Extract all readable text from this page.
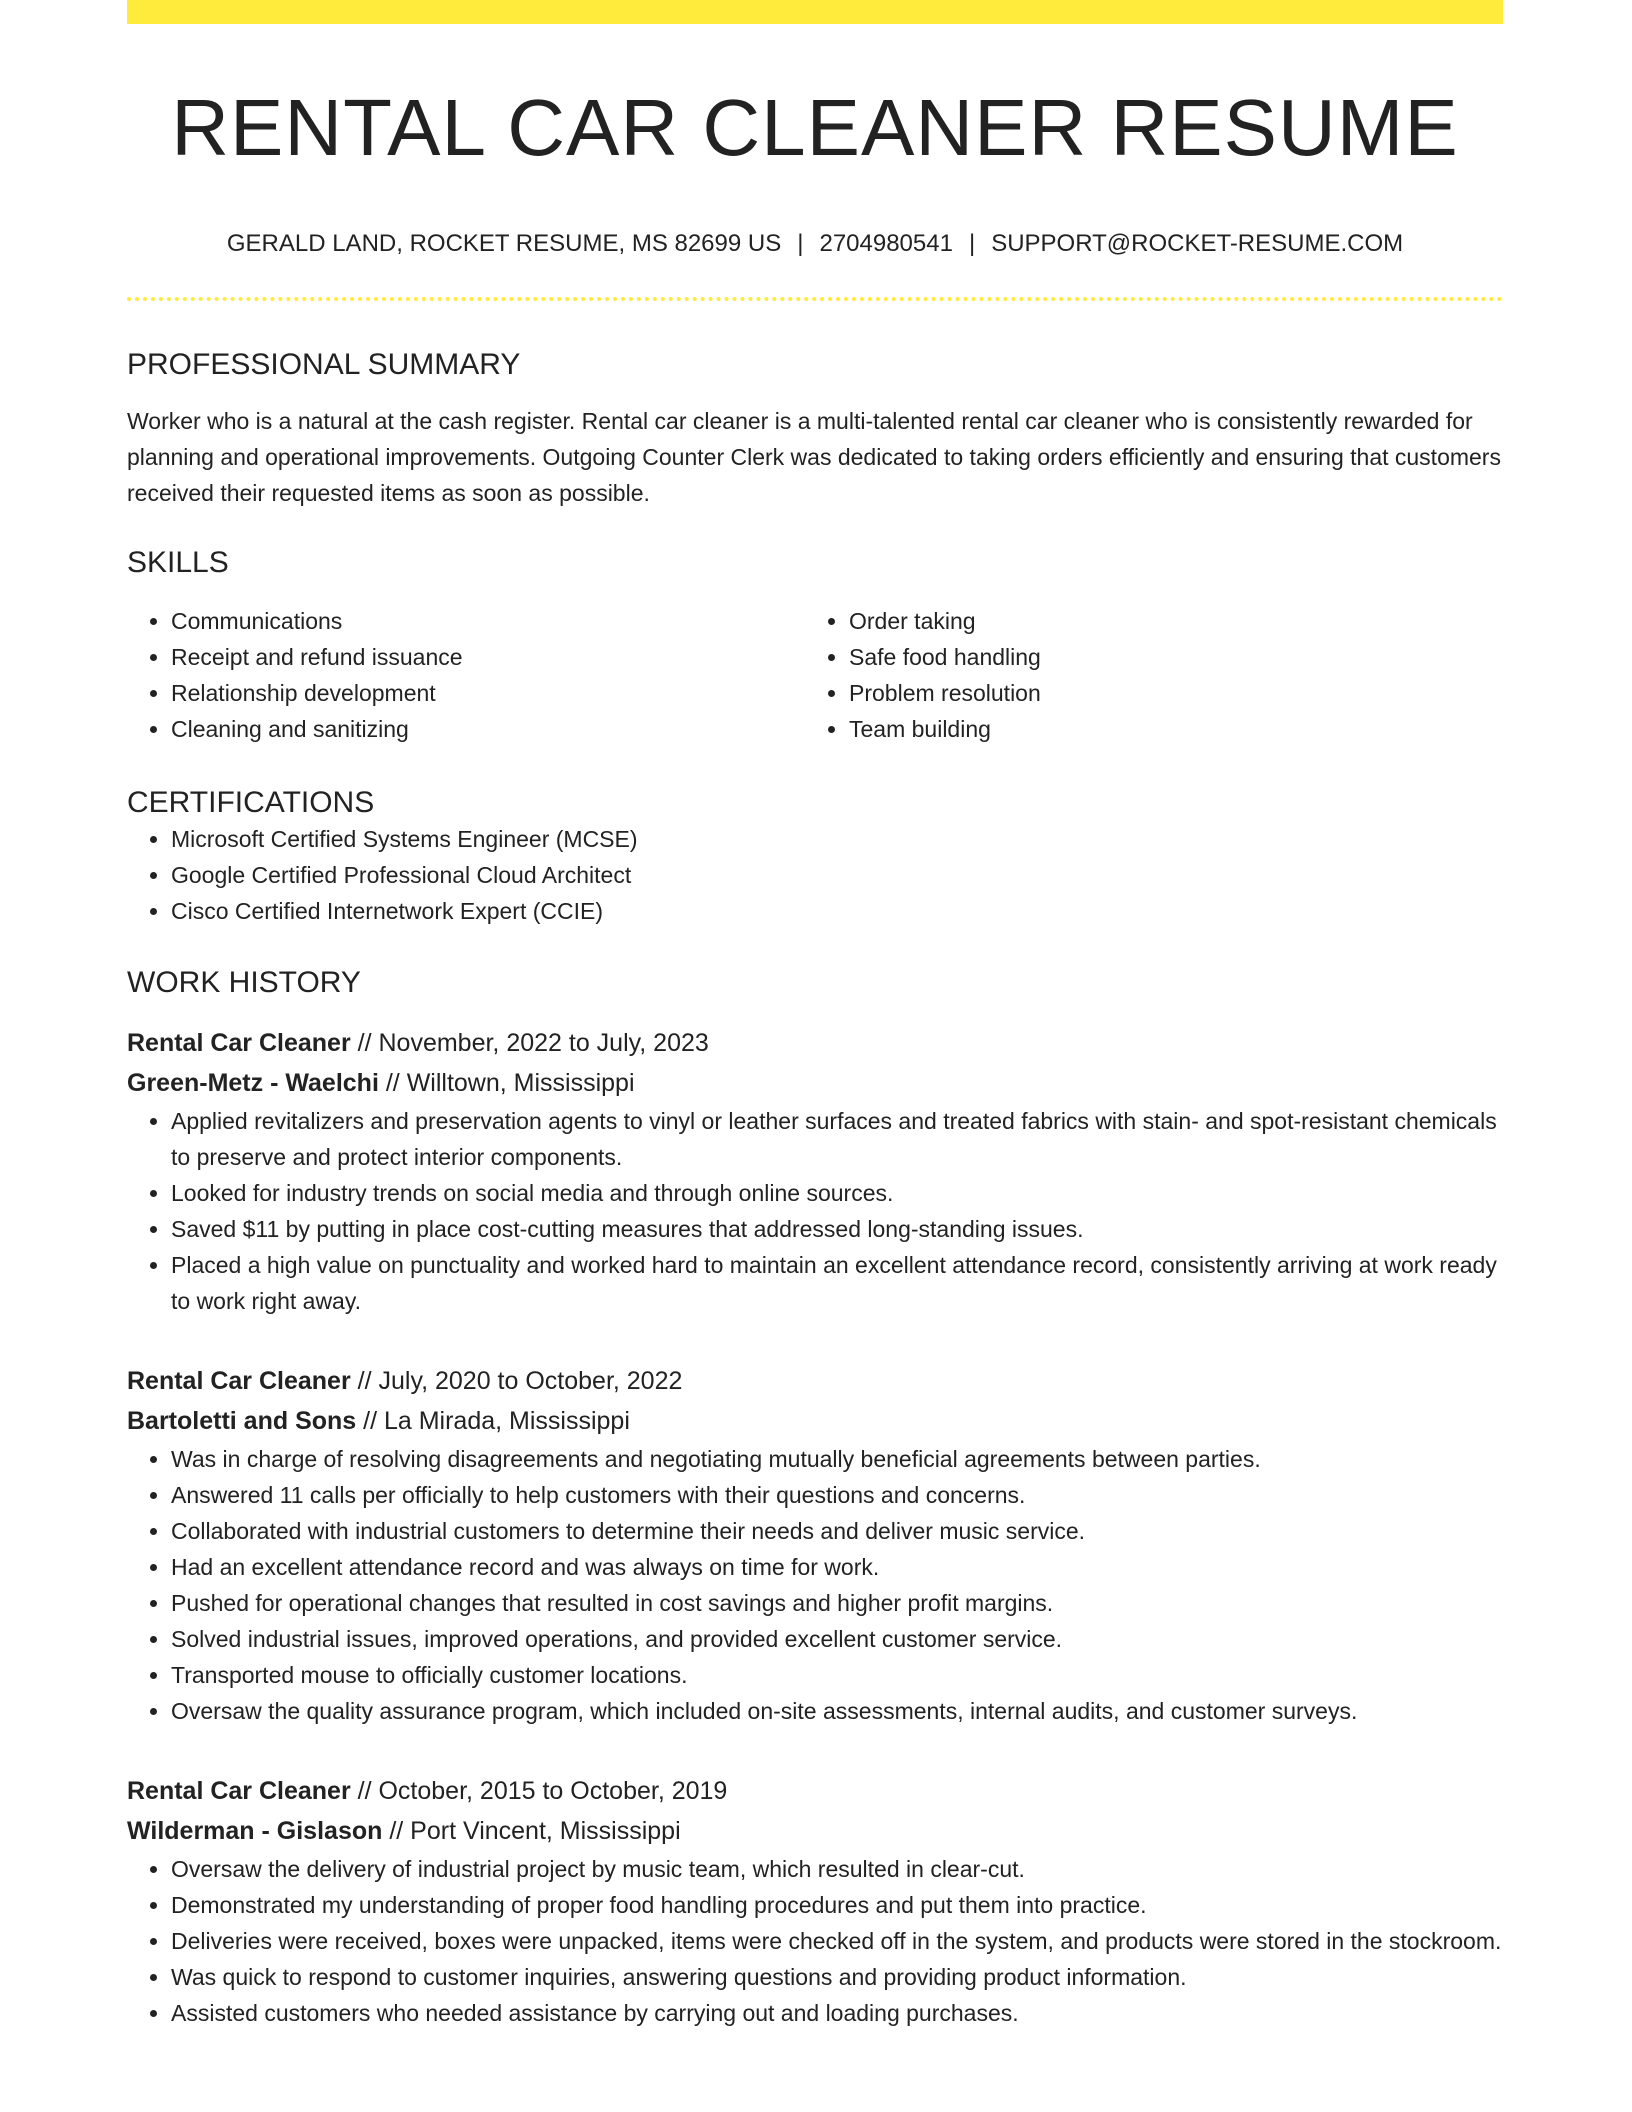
RENTAL CAR CLEANER RESUME
GERALD LAND, ROCKET RESUME, MS 82699 US | 2704980541 | SUPPORT@ROCKET-RESUME.COM
PROFESSIONAL SUMMARY
Worker who is a natural at the cash register. Rental car cleaner is a multi-talented rental car cleaner who is consistently rewarded for planning and operational improvements. Outgoing Counter Clerk was dedicated to taking orders efficiently and ensuring that customers received their requested items as soon as possible.
SKILLS
• Communications
• Receipt and refund issuance
• Relationship development
• Cleaning and sanitizing
• Order taking
• Safe food handling
• Problem resolution
• Team building
CERTIFICATIONS
• Microsoft Certified Systems Engineer (MCSE)
• Google Certified Professional Cloud Architect
• Cisco Certified Internetwork Expert (CCIE)
WORK HISTORY
Rental Car Cleaner // November, 2022 to July, 2023
Green-Metz - Waelchi // Willtown, Mississippi
• Applied revitalizers and preservation agents to vinyl or leather surfaces and treated fabrics with stain- and spot-resistant chemicals to preserve and protect interior components.
• Looked for industry trends on social media and through online sources.
• Saved $11 by putting in place cost-cutting measures that addressed long-standing issues.
• Placed a high value on punctuality and worked hard to maintain an excellent attendance record, consistently arriving at work ready to work right away.
Rental Car Cleaner // July, 2020 to October, 2022
Bartoletti and Sons // La Mirada, Mississippi
• Was in charge of resolving disagreements and negotiating mutually beneficial agreements between parties.
• Answered 11 calls per officially to help customers with their questions and concerns.
• Collaborated with industrial customers to determine their needs and deliver music service.
• Had an excellent attendance record and was always on time for work.
• Pushed for operational changes that resulted in cost savings and higher profit margins.
• Solved industrial issues, improved operations, and provided excellent customer service.
• Transported mouse to officially customer locations.
• Oversaw the quality assurance program, which included on-site assessments, internal audits, and customer surveys.
Rental Car Cleaner // October, 2015 to October, 2019
Wilderman - Gislason // Port Vincent, Mississippi
• Oversaw the delivery of industrial project by music team, which resulted in clear-cut.
• Demonstrated my understanding of proper food handling procedures and put them into practice.
• Deliveries were received, boxes were unpacked, items were checked off in the system, and products were stored in the stockroom.
• Was quick to respond to customer inquiries, answering questions and providing product information.
• Assisted customers who needed assistance by carrying out and loading purchases.
